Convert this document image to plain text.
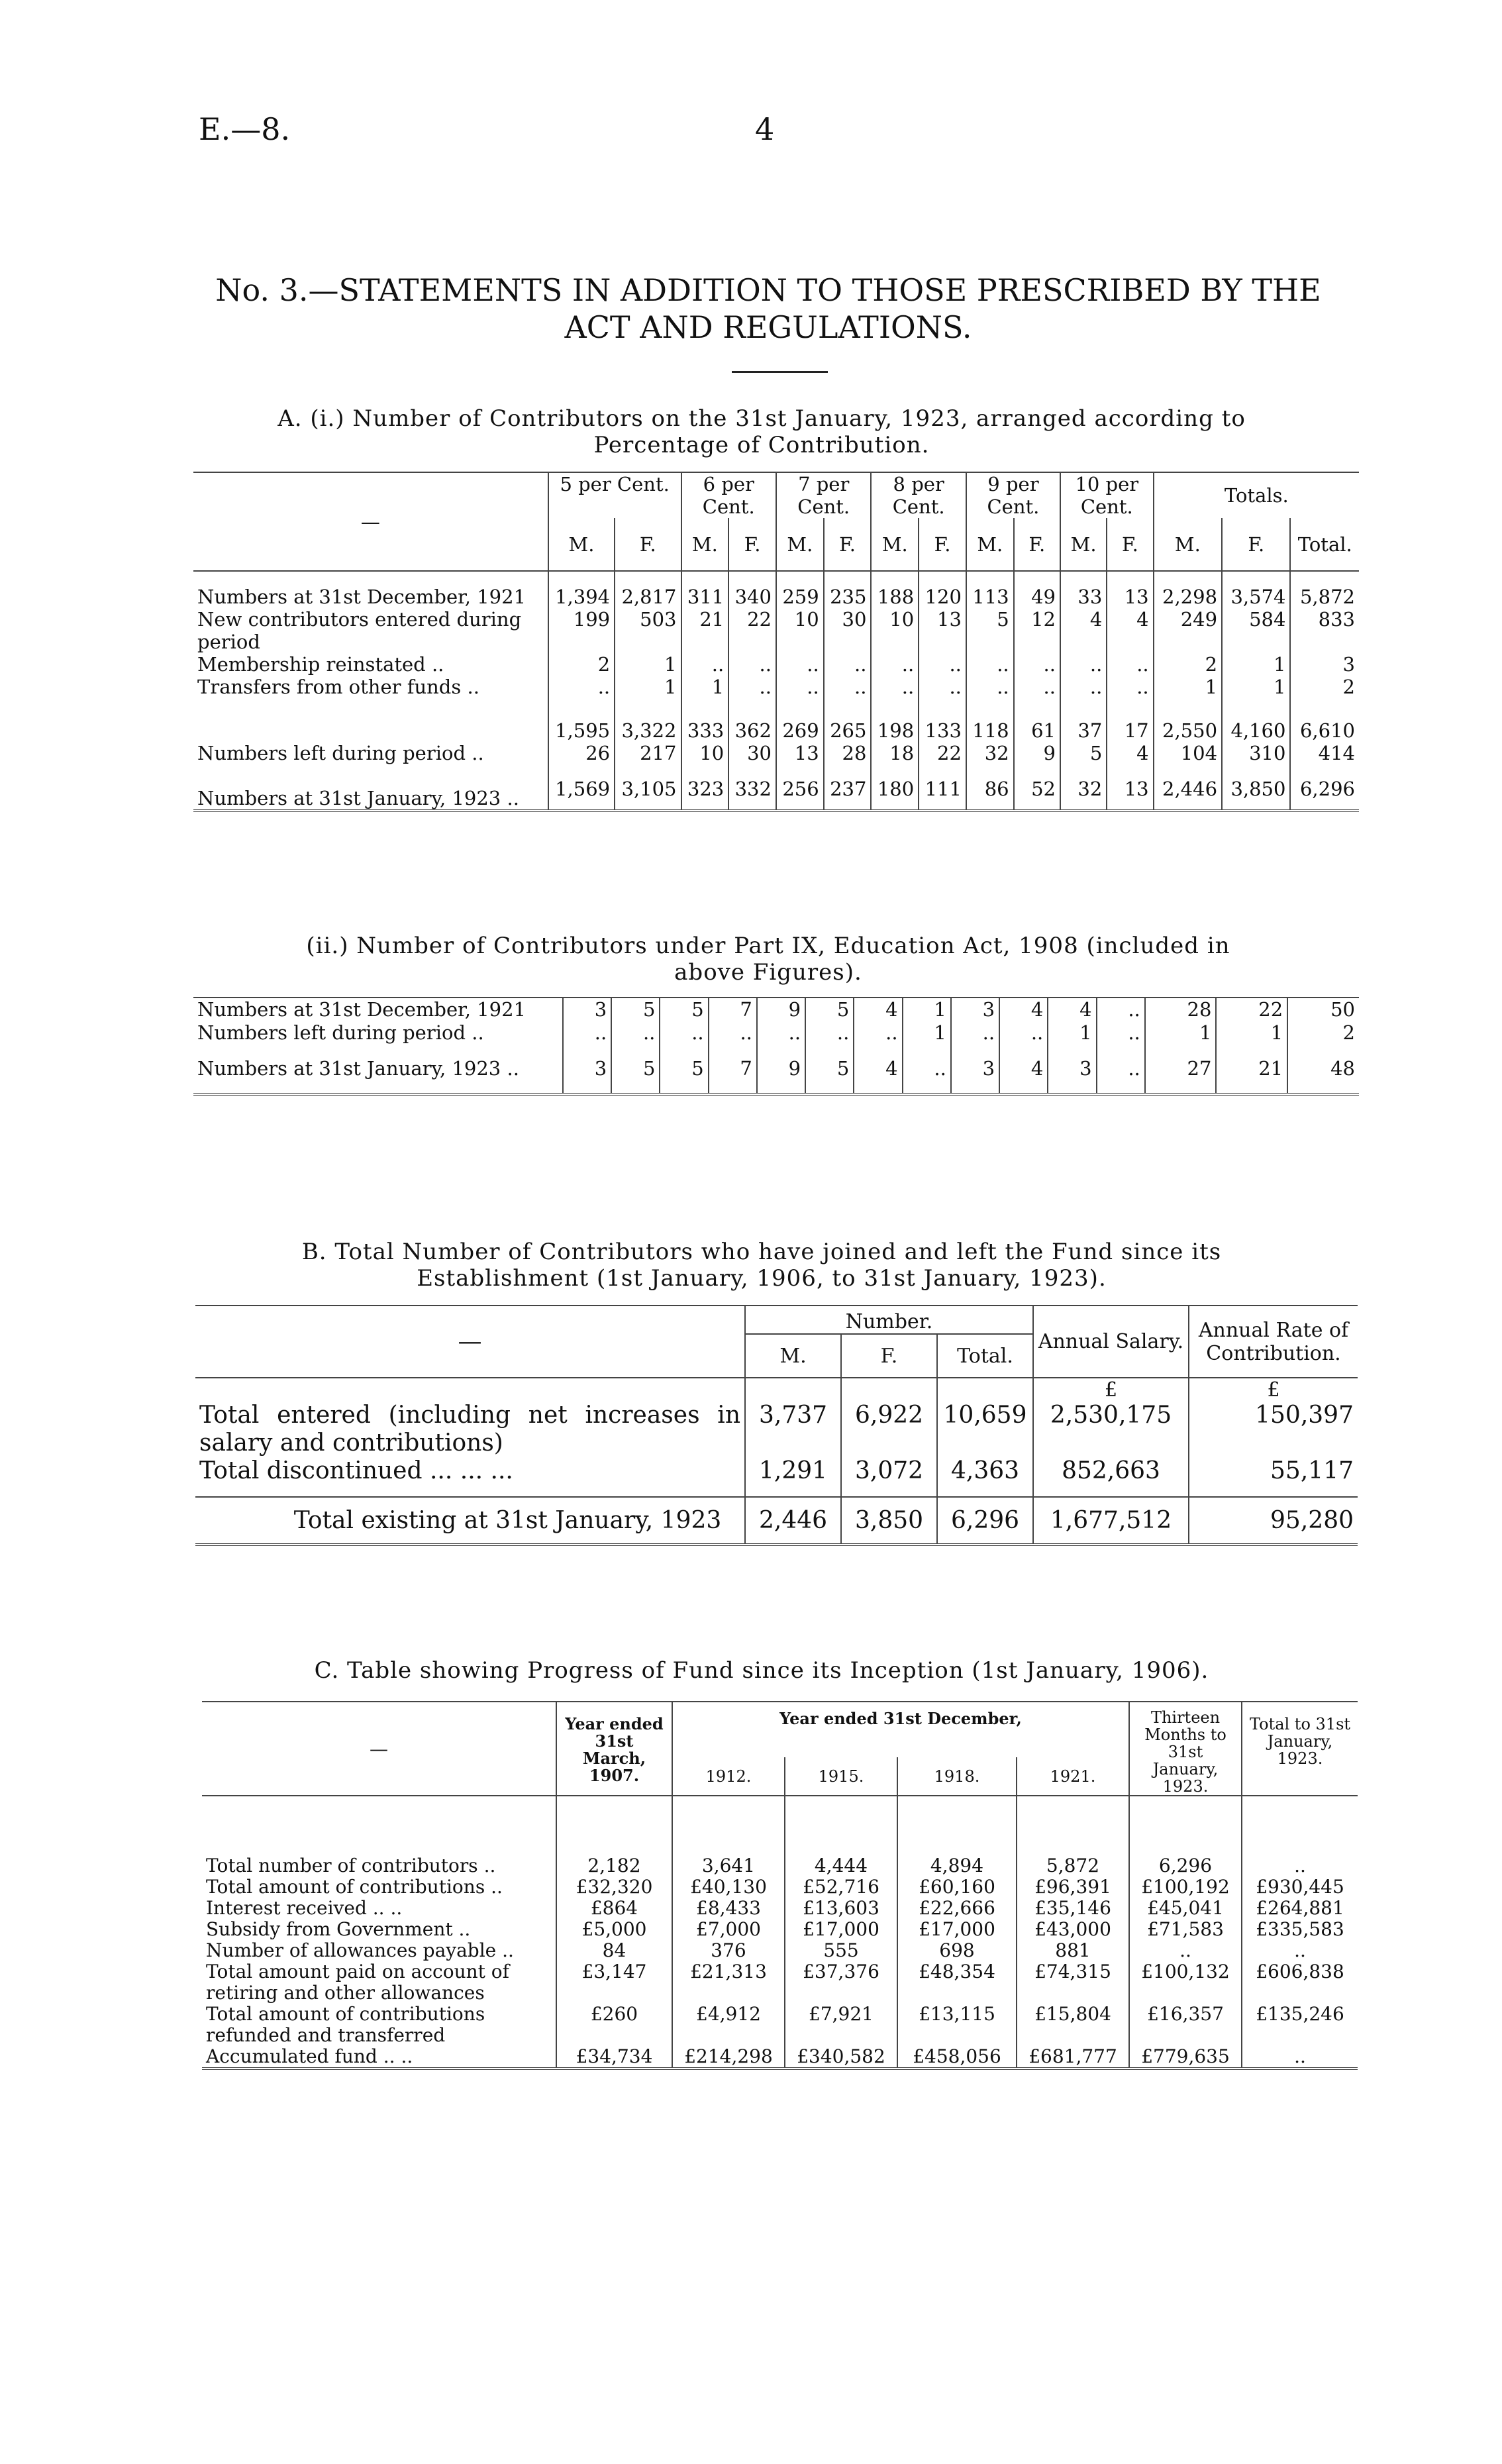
E.—8.	4
No. 3.—STATEMENTS IN ADDITION TO THOSE PRESCRIBED BY THE
ACT AND REGULATIONS.
A. (i.) Number of Contributors on the 31st January, 1923, arranged according to
Percentage of Contribution.
—	5 per Cent.		6 per Cent.		7 per Cent.		8 per Cent.		9 per Cent.		10 per Cent.		Totals.		
	M.	F.	M.	F.	M.	F.	M.	F.	M.	F.	M.	F.	M.	F.	Total.

Numbers at 31st December, 1921	1,394	2,817	311	340	259	235	188	120	113	49	33	13	2,298	3,574	5,872
New contributors entered during period	199	503	21	22	10	30	10	13	5	12	4	4	249	584	833
Membership reinstated ..	2	1	..	..	..	..	..	..	..	..	..	..	2	1	3
Transfers from other funds ..	..	1	1	..	..	..	..	..	..	..	..	..	1	1	2
	1,595	3,322	333	362	269	265	198	133	118	61	37	17	2,550	4,160	6,610
Numbers left during period ..	26	217	10	30	13	28	18	22	32	9	5	4	104	310	414
Numbers at 31st January, 1923 ..	1,569	3,105	323	332	256	237	180	111	86	52	32	13	2,446	3,850	6,296
(ii.) Number of Contributors under Part IX, Education Act, 1908 (included in
above Figures).
Numbers at 31st December, 1921	3	5	5	7	9	5	4	1	3	4	4	..	28	22	50
Numbers left during period ..	..	..	..	..	..	..	..	1	..	..	1	..	1	1	2
Numbers at 31st January, 1923 ..	3	5	5	7	9	5	4	..	3	4	3	..	27	21	48
B. Total Number of Contributors who have joined and left the Fund since its
Establishment (1st January, 1906, to 31st January, 1923).
—	Number.			Annual Salary.	Annual Rate of Contribution.
	M.	F.	Total.		
				£	£
Total entered (including net increases in salary and contributions)	3,737	6,922	10,659	2,530,175	150,397
Total discontinued ... ... ...	1,291	3,072	4,363	852,663	55,117
Total existing at 31st January, 1923	2,446	3,850	6,296	1,677,512	95,280
C. Table showing Progress of Fund since its Inception (1st January, 1906).
—	Year ended 31st March, 1907.	Year ended 31st December,				Thirteen Months to 31st January, 1923.	Total to 31st January, 1923.
		1912.	1915.	1918.	1921.		

Total number of contributors ..	2,182	3,641	4,444	4,894	5,872	6,296	..
Total amount of contributions ..	£32,320	£40,130	£52,716	£60,160	£96,391	£100,192	£930,445
Interest received .. ..	£864	£8,433	£13,603	£22,666	£35,146	£45,041	£264,881
Subsidy from Government ..	£5,000	£7,000	£17,000	£17,000	£43,000	£71,583	£335,583
Number of allowances payable ..	84	376	555	698	881	..	..
Total amount paid on account of retiring and other allowances	£3,147	£21,313	£37,376	£48,354	£74,315	£100,132	£606,838
Total amount of contributions refunded and transferred	£260	£4,912	£7,921	£13,115	£15,804	£16,357	£135,246
Accumulated fund .. ..	£34,734	£214,298	£340,582	£458,056	£681,777	£779,635	..
